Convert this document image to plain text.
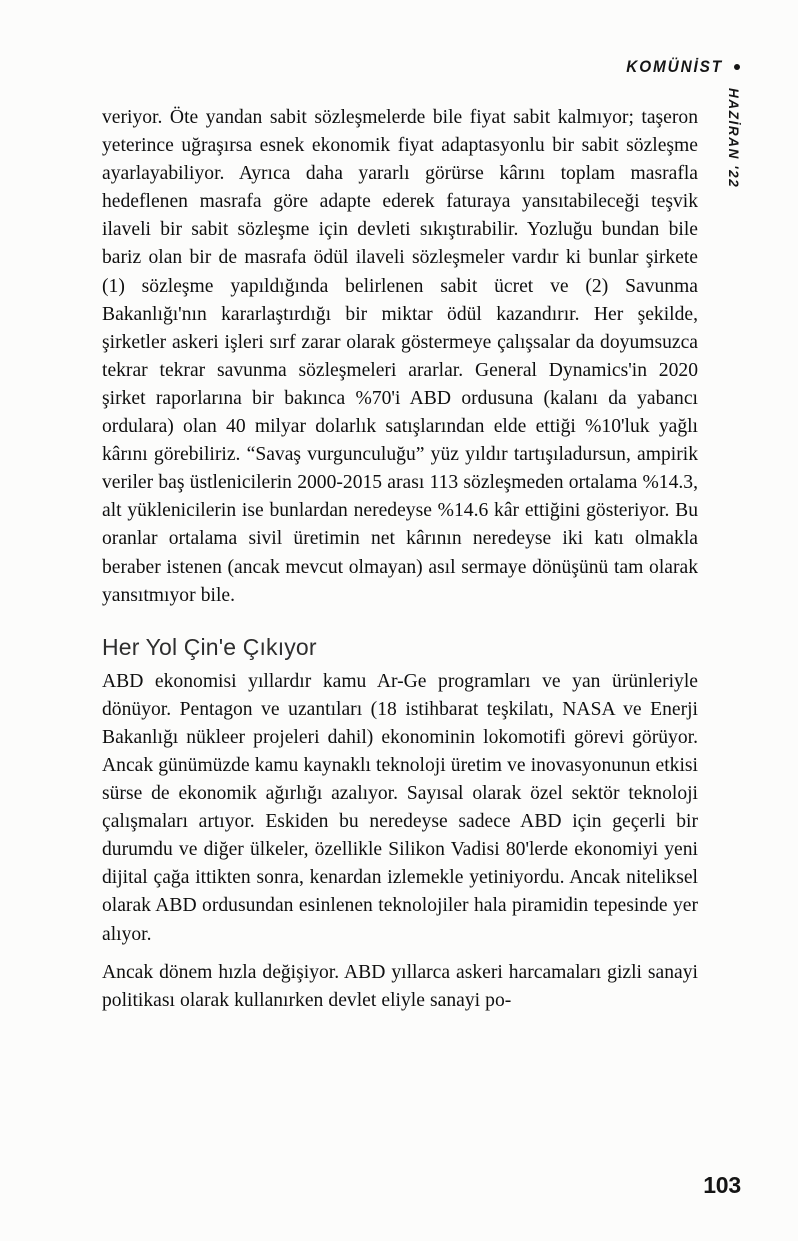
KOMÜNİST
HAZİRAN '22

veriyor. Öte yandan sabit sözleşmelerde bile fiyat sabit kalmıyor; taşeron yeterince uğraşırsa esnek ekonomik fiyat adaptasyonlu bir sabit sözleşme ayarlayabiliyor. Ayrıca daha yararlı görürse kârını toplam masrafla hedeflenen masrafa göre adapte ederek faturaya yansıtabileceği teşvik ilaveli bir sabit sözleşme için devleti sıkıştırabilir. Yozluğu bundan bile bariz olan bir de masrafa ödül ilaveli sözleşmeler vardır ki bunlar şirkete (1) sözleşme yapıldığında belirlenen sabit ücret ve (2) Savunma Bakanlığı'nın kararlaştırdığı bir miktar ödül kazandırır. Her şekilde, şirketler askeri işleri sırf zarar olarak göstermeye çalışsalar da doyumsuzca tekrar tekrar savunma sözleşmeleri ararlar. General Dynamics'in 2020 şirket raporlarına bir bakınca %70'i ABD ordusuna (kalanı da yabancı ordulara) olan 40 milyar dolarlık satışlarından elde ettiği %10'luk yağlı kârını görebiliriz. “Savaş vurgunculuğu” yüz yıldır tartışıladursun, ampirik veriler baş üstlenicilerin 2000-2015 arası 113 sözleşmeden ortalama %14.3, alt yüklenicilerin ise bunlardan neredeyse %14.6 kâr ettiğini gösteriyor. Bu oranlar ortalama sivil üretimin net kârının neredeyse iki katı olmakla beraber istenen (ancak mevcut olmayan) asıl sermaye dönüşünü tam olarak yansıtmıyor bile.

Her Yol Çin'e Çıkıyor

ABD ekonomisi yıllardır kamu Ar-Ge programları ve yan ürünleriyle dönüyor. Pentagon ve uzantıları (18 istihbarat teşkilatı, NASA ve Enerji Bakanlığı nükleer projeleri dahil) ekonominin lokomotifi görevi görüyor. Ancak günümüzde kamu kaynaklı teknoloji üretim ve inovasyonunun etkisi sürse de ekonomik ağırlığı azalıyor. Sayısal olarak özel sektör teknoloji çalışmaları artıyor. Eskiden bu neredeyse sadece ABD için geçerli bir durumdu ve diğer ülkeler, özellikle Silikon Vadisi 80'lerde ekonomiyi yeni dijital çağa ittikten sonra, kenardan izlemekle yetiniyordu. Ancak niteliksel olarak ABD ordusundan esinlenen teknolojiler hala piramidin tepesinde yer alıyor.

Ancak dönem hızla değişiyor. ABD yıllarca askeri harcamaları gizli sanayi politikası olarak kullanırken devlet eliyle sanayi po-

103
